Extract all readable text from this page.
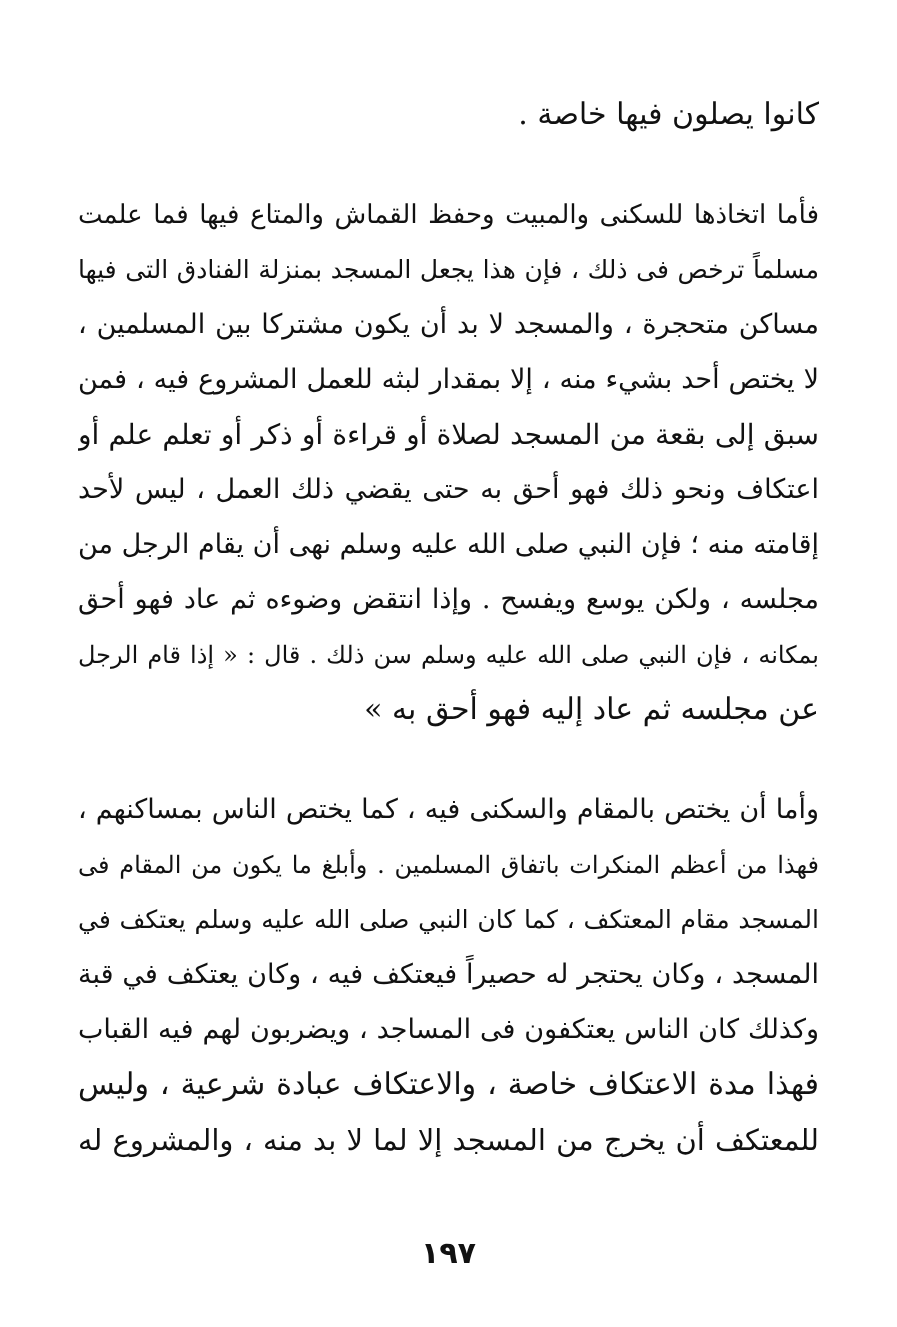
كانوا يصلون فيها خاصة .
فأما اتخاذها للسكنى والمبيت وحفظ القماش والمتاع فيها فما علمت
مسلماً ترخص فى ذلك ، فإن هذا يجعل المسجد بمنزلة الفنادق التى فيها
مساكن متحجرة ، والمسجد لا بد أن يكون مشتركا بين المسلمين ،
لا يختص أحد بشيء منه ، إلا بمقدار لبثه للعمل المشروع فيه ، فمن
سبق إلى بقعة من المسجد لصلاة أو قراءة أو ذكر أو تعلم علم أو
اعتكاف ونحو ذلك فهو أحق به حتى يقضي ذلك العمل ، ليس لأحد
إقامته منه ؛ فإن النبي صلى الله عليه وسلم نهى أن يقام الرجل من
مجلسه ، ولكن يوسع ويفسح . وإذا انتقض وضوءه ثم عاد فهو أحق
بمكانه ، فإن النبي صلى الله عليه وسلم سن ذلك . قال : « إذا قام الرجل
عن مجلسه ثم عاد إليه فهو أحق به »
وأما أن يختص بالمقام والسكنى فيه ، كما يختص الناس بمساكنهم ،
فهذا من أعظم المنكرات باتفاق المسلمين . وأبلغ ما يكون من المقام فى
المسجد مقام المعتكف ، كما كان النبي صلى الله عليه وسلم يعتكف في
المسجد ، وكان يحتجر له حصيراً فيعتكف فيه ، وكان يعتكف في قبة
وكذلك كان الناس يعتكفون فى المساجد ، ويضربون لهم فيه القباب
فهذا مدة الاعتكاف خاصة ، والاعتكاف عبادة شرعية ، وليس
للمعتكف أن يخرج من المسجد إلا لما لا بد منه ، والمشروع له
١٩٧
